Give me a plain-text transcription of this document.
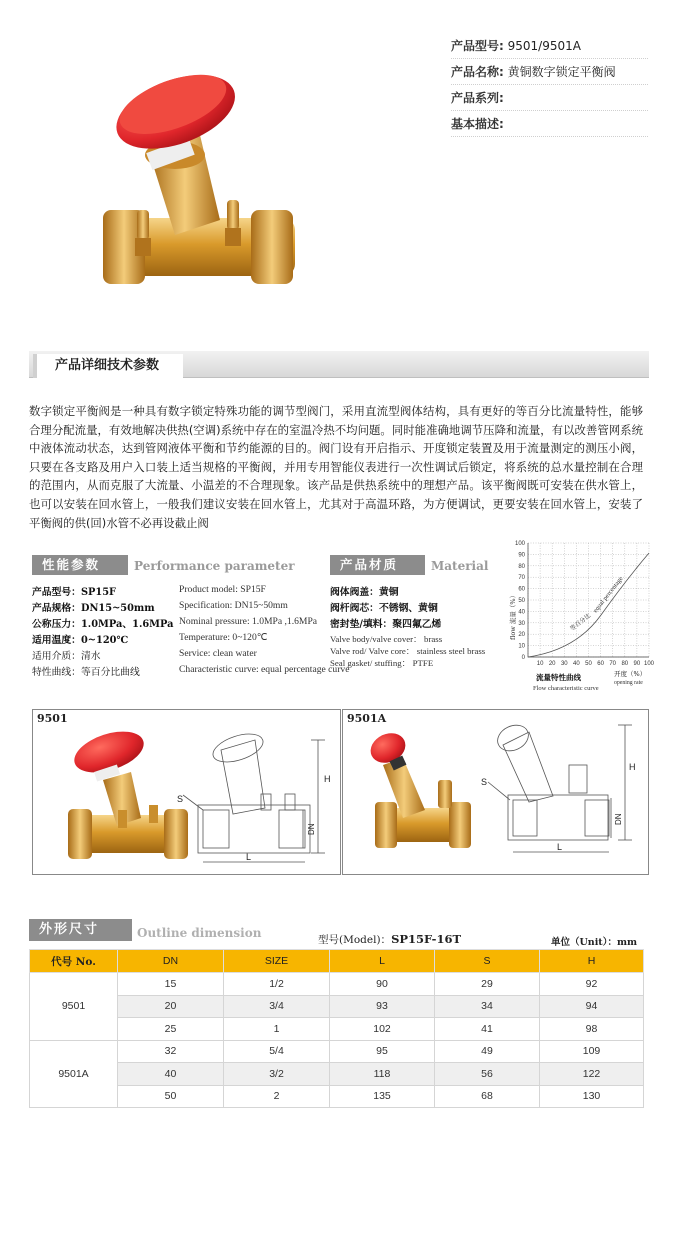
产品型号: 9501/9501A
产品名称: 黄铜数字锁定平衡阀
产品系列:
基本描述:
产品详细技术参数
数字锁定平衡阀是一种具有数字锁定特殊功能的调节型阀门，采用直流型阀体结构，具有更好的等百分比流量特性，能够合理分配流量，有效地解决供热(空调)系统中存在的室温冷热不均问题。同时能准确地调节压降和流量，有以改善管网系统中液体流动状态，达到管网液体平衡和节约能源的目的。阀门设有开启指示、开度锁定装置及用于流量测定的测压小阀，只要在各支路及用户入口装上适当规格的平衡阀，并用专用智能仪表进行一次性调试后锁定，将系统的总水量控制在合理的范围内，从而克服了大流量、小温差的不合理现象。该产品是供热系统中的理想产品。该平衡阀既可安装在供水管上，也可以安装在回水管上，一般我们建议安装在回水管上，尤其对于高温环路，为方便调试，更要安装在回水管上，安装了平衡阀的供(回)水管不必再设截止阀
性能参数	Performance parameter
产品型号：SP15F	Product model: SP15F
产品规格：DN15~50mm	Specification: DN15~50mm
公称压力：1.0MPa、1.6MPa Nominal pressure: 1.0MPa ,1.6MPa
适用温度：0~120℃	Temperature: 0~120℃
适用介质：清水	Service: clean water
特性曲线：等百分比曲线	Characteristic curve: equal percentage curve
产品材质	Material
阀体阀盖：黄铜
阀杆阀芯：不锈钢、黄铜
密封垫/填料：聚四氟乙烯
Valve body/valve cover： brass
Valve rod/ Valve core： stainless steel brass
Seal gasket/ stuffing： PTFE
100
90
80
70
60
50
40
30
20
10
0
10 20 30 40 50 60 70 80 90 100
等百分比
equal percentage
flow 流量（%）
流量特性曲线	开度（%）
opening rate
Flow characteristic curve
9501
S
L
H
DN
9501A
S
L
H
DN
外形尺寸	Outline dimension	型号(Model)：SP15F-16T	单位（Unit）：mm
代号 No.	DN	SIZE	L	S	H
9501	15	1/2	90	29	92
	20	3/4	93	34	94
	25	1	102	41	98
9501A	32	5/4	95	49	109
	40	3/2	118	56	122
	50	2	135	68	130
